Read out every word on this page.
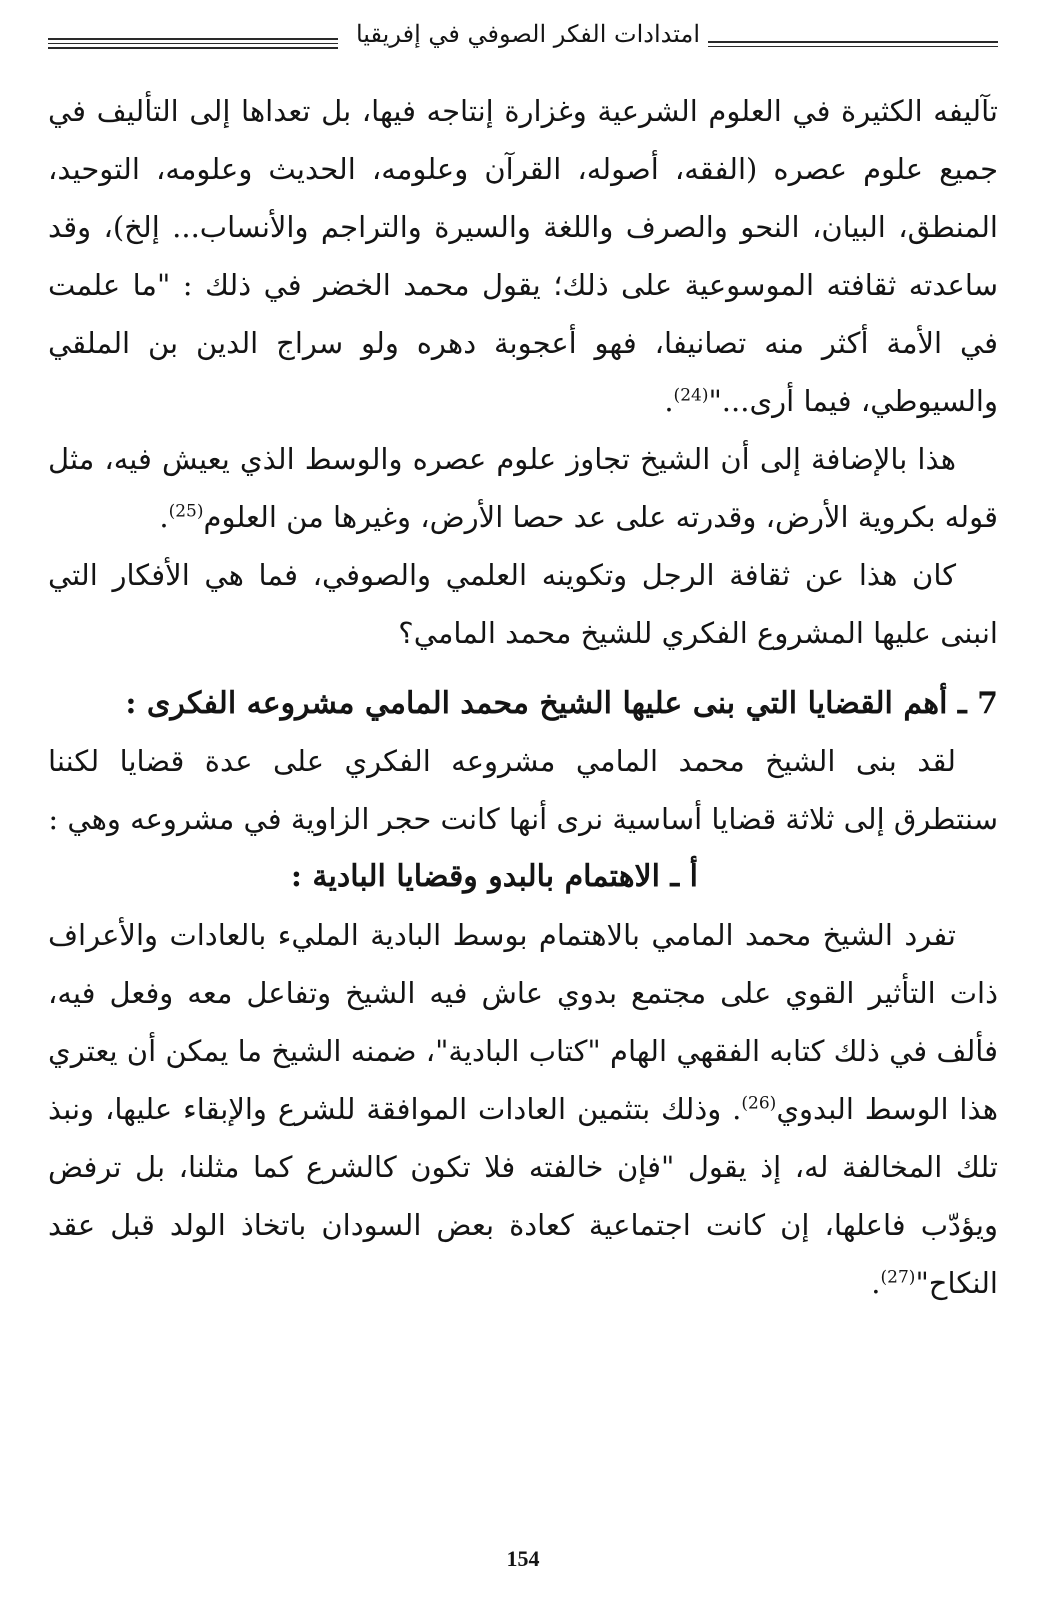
امتدادات الفكر الصوفي في إفريقيا

تآليفه الكثيرة في العلوم الشرعية وغزارة إنتاجه فيها، بل تعداها إلى التأليف في جميع علوم عصره (الفقه، أصوله، القرآن وعلومه، الحديث وعلومه، التوحيد، المنطق، البيان، النحو والصرف واللغة والسيرة والتراجم والأنساب... إلخ)، وقد ساعدته ثقافته الموسوعية على ذلك؛ يقول محمد الخضر في ذلك : "ما علمت في الأمة أكثر منه تصانيفا، فهو أعجوبة دهره ولو سراج الدين بن الملقي والسيوطي، فيما أرى..."$^{(24)}$.

هذا بالإضافة إلى أن الشيخ تجاوز علوم عصره والوسط الذي يعيش فيه، مثل قوله بكروية الأرض، وقدرته على عد حصا الأرض، وغيرها من العلوم$^{(25)}$.

كان هذا عن ثقافة الرجل وتكوينه العلمي والصوفي، فما هي الأفكار التي انبنى عليها المشروع الفكري للشيخ محمد المامي؟

7 ـ أهم القضايا التي بنى عليها الشيخ محمد المامي مشروعه الفكرى :

لقد بنى الشيخ محمد المامي مشروعه الفكري على عدة قضايا لكننا سنتطرق إلى ثلاثة قضايا أساسية نرى أنها كانت حجر الزاوية في مشروعه وهي :

أ ـ الاهتمام بالبدو وقضايا البادية :

تفرد الشيخ محمد المامي بالاهتمام بوسط البادية المليء بالعادات والأعراف ذات التأثير القوي على مجتمع بدوي عاش فيه الشيخ وتفاعل معه وفعل فيه، فألف في ذلك كتابه الفقهي الهام "كتاب البادية"، ضمنه الشيخ ما يمكن أن يعتري هذا الوسط البدوي$^{(26)}$. وذلك بتثمين العادات الموافقة للشرع والإبقاء عليها، ونبذ تلك المخالفة له، إذ يقول "فإن خالفته فلا تكون كالشرع كما مثلنا، بل ترفض ويؤدّب فاعلها، إن كانت اجتماعية كعادة بعض السودان باتخاذ الولد قبل عقد النكاح"$^{(27)}$.

154
